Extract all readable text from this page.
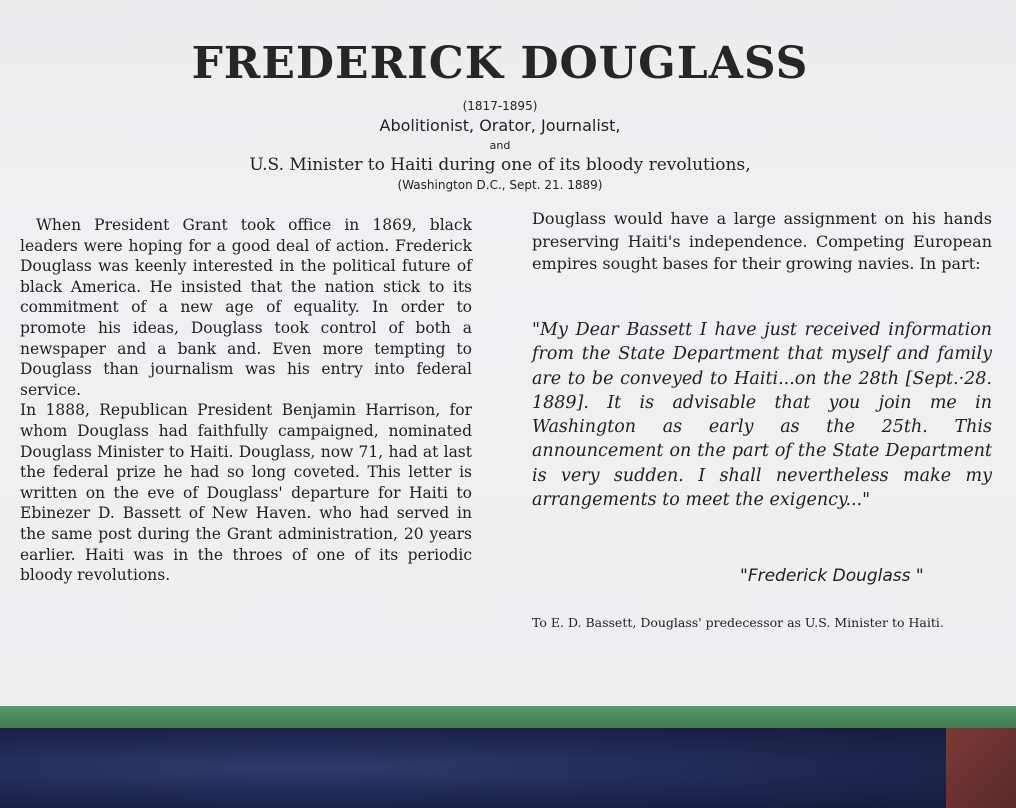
FREDERICK DOUGLASS
(1817-1895)
Abolitionist, Orator, Journalist,
and
U.S. Minister to Haiti during one of its bloody revolutions,
(Washington D.C., Sept. 21. 1889)
When President Grant took office in 1869, black leaders were hoping for a good deal of action. Frederick Douglass was keenly interested in the political future of black America. He insisted that the nation stick to its commitment of a new age of equality. In order to promote his ideas, Douglass took control of both a newspaper and a bank and. Even more tempting to Douglass than journalism was his entry into federal service.
In 1888, Republican President Benjamin Harrison, for whom Douglass had faithfully campaigned, nominated Douglass Minister to Haiti. Douglass, now 71, had at last the federal prize he had so long coveted. This letter is written on the eve of Douglass' departure for Haiti to Ebinezer D. Bassett of New Haven. who had served in the same post during the Grant administration, 20 years earlier. Haiti was in the throes of one of its periodic bloody revolutions.
Douglass would have a large assignment on his hands preserving Haiti's independence. Competing European empires sought bases for their growing navies. In part:
"My Dear Bassett I have just received information from the State Department that myself and family are to be conveyed to Haiti...on the 28th [Sept.·28. 1889]. It is advisable that you join me in Washington as early as the 25th. This announcement on the part of the State Department is very sudden. I shall nevertheless make my arrangements to meet the exigency..."
"Frederick Douglass "
To E. D. Bassett, Douglass' predecessor as U.S. Minister to Haiti.
